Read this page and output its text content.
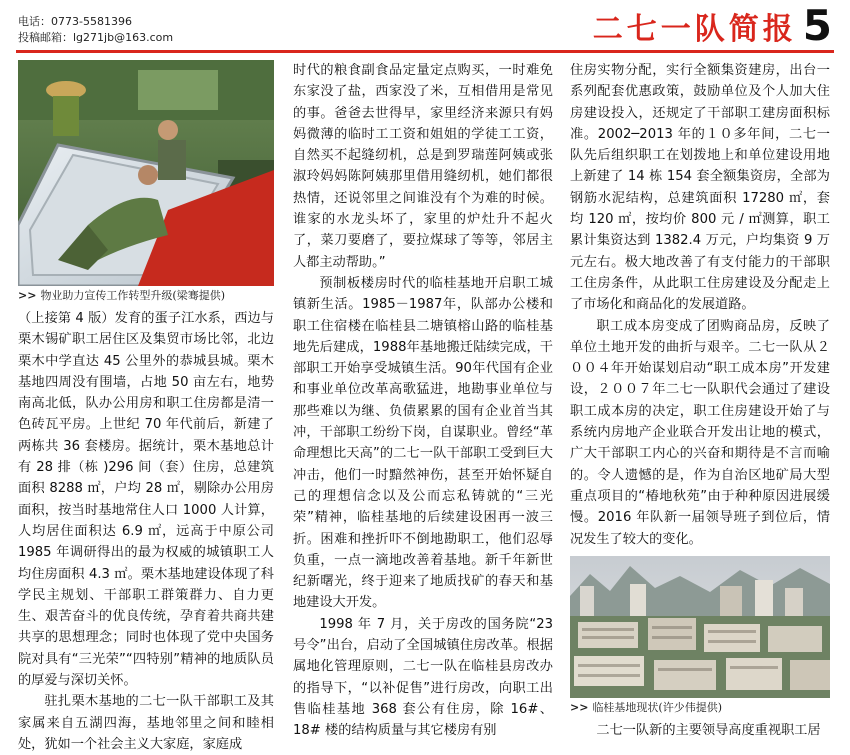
电话：0773-5581396
投稿邮箱：lg271jb@163.com	二七一队简报 5
>> 物业助力宣传工作转型升级(梁骞提供)

（上接第 4 版）发育的蛋子江水系，西边与栗木锡矿职工居住区及集贸市场比邻，北边栗木中学直达 45 公里外的恭城县城。栗木基地四周没有围墙，占地 50 亩左右，地势南高北低，队办公用房和职工住房都是清一色砖瓦平房。上世纪 70 年代前后，新建了两栋共 36 套楼房。据统计，栗木基地总计有 28 排（栋 )296 间（套）住房，总建筑面积 8288 ㎡，户均 28 ㎡，剔除办公用房面积，按当时基地常住人口 1000 人计算，人均居住面积达 6.9 ㎡，远高于中原公司 1985 年调研得出的最为权威的城镇职工人均住房面积 4.3 ㎡。栗木基地建设体现了科学民主规划、干部职工群策群力、自力更生、艰苦奋斗的优良传统，孕育着共商共建共享的思想理念；同时也体现了党中央国务院对具有“三光荣”“四特别”精神的地质队员的厚爱与深切关怀。

驻扎栗木基地的二七一队干部职工及其家属来自五湖四海，基地邻里之间和睦相处，犹如一个社会主义大家庭，家庭成

时代的粮食副食品定量定点购买，一时难免东家没了盐，西家没了米，互相借用是常见的事。爸爸去世得早，家里经济来源只有妈妈微薄的临时工工资和姐姐的学徒工工资，自然买不起缝纫机，总是到罗瑞莲阿姨或张淑玲妈妈陈阿姨那里借用缝纫机，她们都很热情，还说邻里之间谁没有个为难的时候。谁家的水龙头坏了，家里的炉灶升不起火了，菜刀要磨了，要拉煤球了等等，邻居主人都主动帮助。”

预制板楼房时代的临桂基地开启职工城镇新生活。1985－1987年，队部办公楼和职工住宿楼在临桂县二塘镇榕山路的临桂基地先后建成，1988年基地搬迁陆续完成，干部职工开始享受城镇生活。90年代国有企业和事业单位改革高歌猛进，地勘事业单位与那些难以为继、负债累累的国有企业首当其冲，干部职工纷纷下岗，自谋职业。曾经“革命理想比天高”的二七一队干部职工受到巨大冲击，他们一时黯然神伤，甚至开始怀疑自己的理想信念以及公而忘私铸就的“三光荣”精神，临桂基地的后续建设困再一波三折。困难和挫折吓不倒地勘职工，他们忍辱负重，一点一滴地改善着基地。新千年新世纪新曙光，终于迎来了地质找矿的春天和基地建设大开发。

1998 年 7 月，关于房改的国务院“23 号令”出台，启动了全国城镇住房改革。根据属地化管理原则，二七一队在临桂县房改办的指导下，“以补促售”进行房改，向职工出售临桂基地 368 套公有住房，除 16#、18# 楼的结构质量与其它楼房有别

住房实物分配，实行全额集资建房，出台一系列配套优惠政策，鼓励单位及个人加大住房建设投入，还规定了干部职工建房面积标准。2002─2013 年的１０多年间，二七一队先后组织职工在划拨地上和单位建设用地上新建了 14 栋 154 套全额集资房，全部为钢筋水泥结构，总建筑面积 17280 ㎡，套均 120 ㎡，按均价 800 元 / ㎡测算，职工累计集资达到 1382.4 万元，户均集资 9 万元左右。极大地改善了有支付能力的干部职工住房条件，从此职工住房建设及分配走上了市场化和商品化的发展道路。

职工成本房变成了团购商品房，反映了单位土地开发的曲折与艰辛。二七一队从２００４年开始谋划启动“职工成本房”开发建设，２００７年二七一队职代会通过了建设职工成本房的决定，职工住房建设开始了与系统内房地产企业联合开发出让地的模式，广大干部职工内心的兴奋和期待是不言而喻的。令人遗憾的是，作为自治区地矿局大型重点项目的“椿地秋苑”由于种种原因进展缓慢。2016 年队新一届领导班子到位后，情况发生了较大的变化。

>> 临桂基地现状(许少伟提供)

二七一队新的主要领导高度重视职工居
